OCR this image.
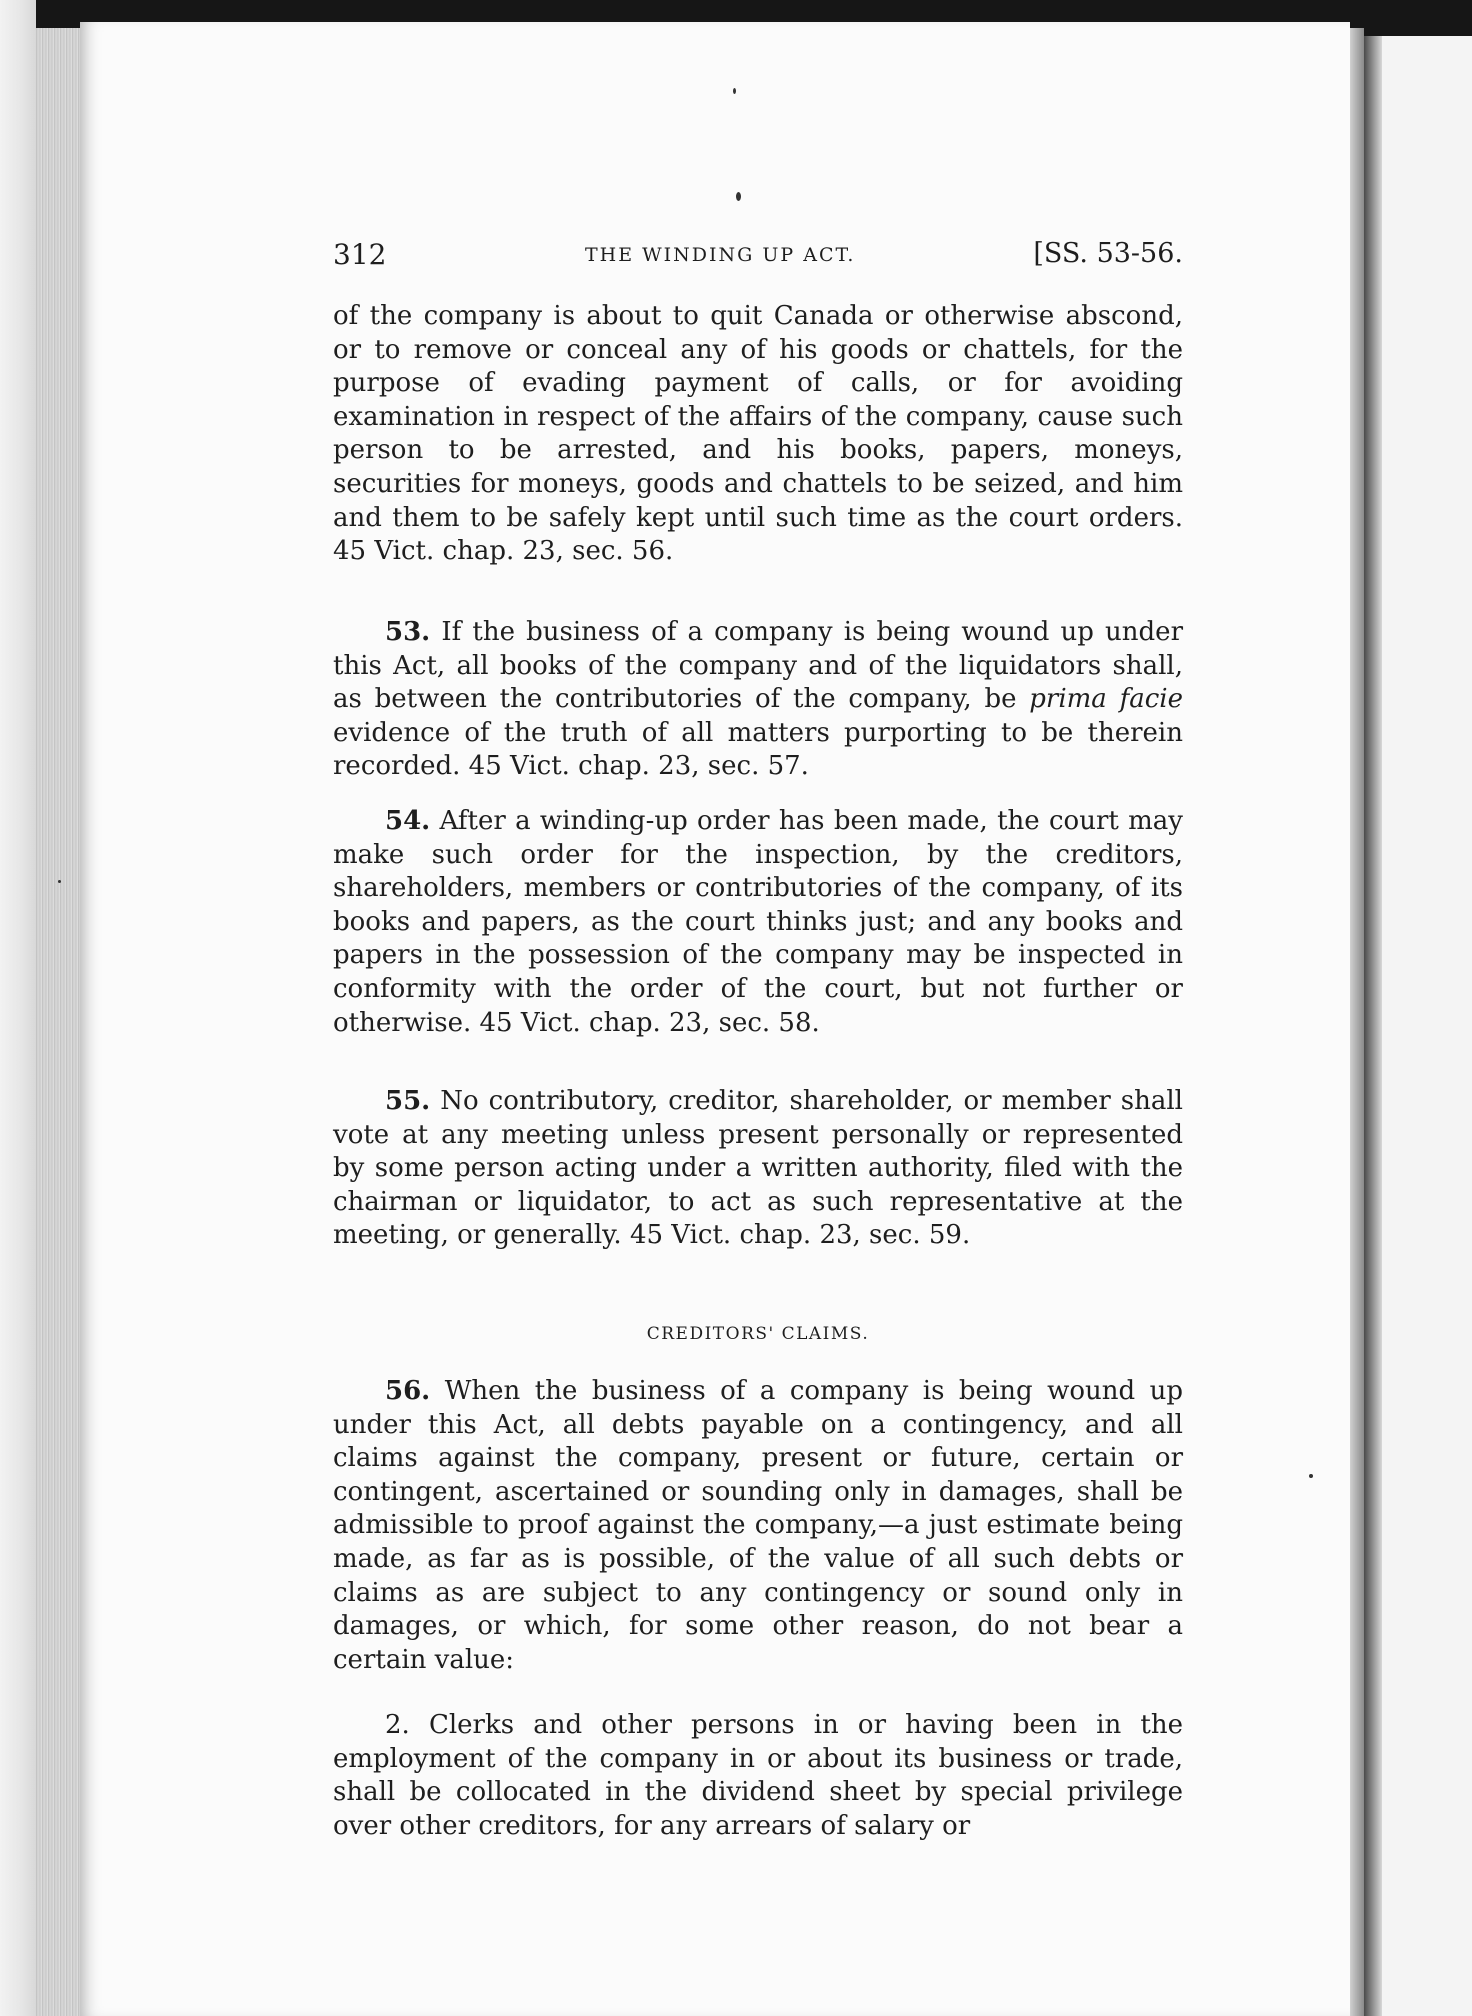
312	THE WINDING UP ACT.	[SS. 53-56.

of the company is about to quit Canada or otherwise abscond, or to remove or conceal any of his goods or chattels, for the purpose of evading payment of calls, or for avoiding examination in respect of the affairs of the company, cause such person to be arrested, and his books, papers, moneys, securities for moneys, goods and chattels to be seized, and him and them to be safely kept until such time as the court orders. 45 Vict. chap. 23, sec. 56.

53. If the business of a company is being wound up under this Act, all books of the company and of the liquidators shall, as between the contributories of the company, be prima facie evidence of the truth of all matters purporting to be therein recorded. 45 Vict. chap. 23, sec. 57.

54. After a winding-up order has been made, the court may make such order for the inspection, by the creditors, shareholders, members or contributories of the company, of its books and papers, as the court thinks just; and any books and papers in the possession of the company may be inspected in conformity with the order of the court, but not further or otherwise. 45 Vict. chap. 23, sec. 58.

55. No contributory, creditor, shareholder, or member shall vote at any meeting unless present personally or represented by some person acting under a written authority, filed with the chairman or liquidator, to act as such representative at the meeting, or generally. 45 Vict. chap. 23, sec. 59.

CREDITORS' CLAIMS.

56. When the business of a company is being wound up under this Act, all debts payable on a contingency, and all claims against the company, present or future, certain or contingent, ascertained or sounding only in damages, shall be admissible to proof against the company,—a just estimate being made, as far as is possible, of the value of all such debts or claims as are subject to any contingency or sound only in damages, or which, for some other reason, do not bear a certain value:

2. Clerks and other persons in or having been in the employment of the company in or about its business or trade, shall be collocated in the dividend sheet by special privilege over other creditors, for any arrears of salary or
